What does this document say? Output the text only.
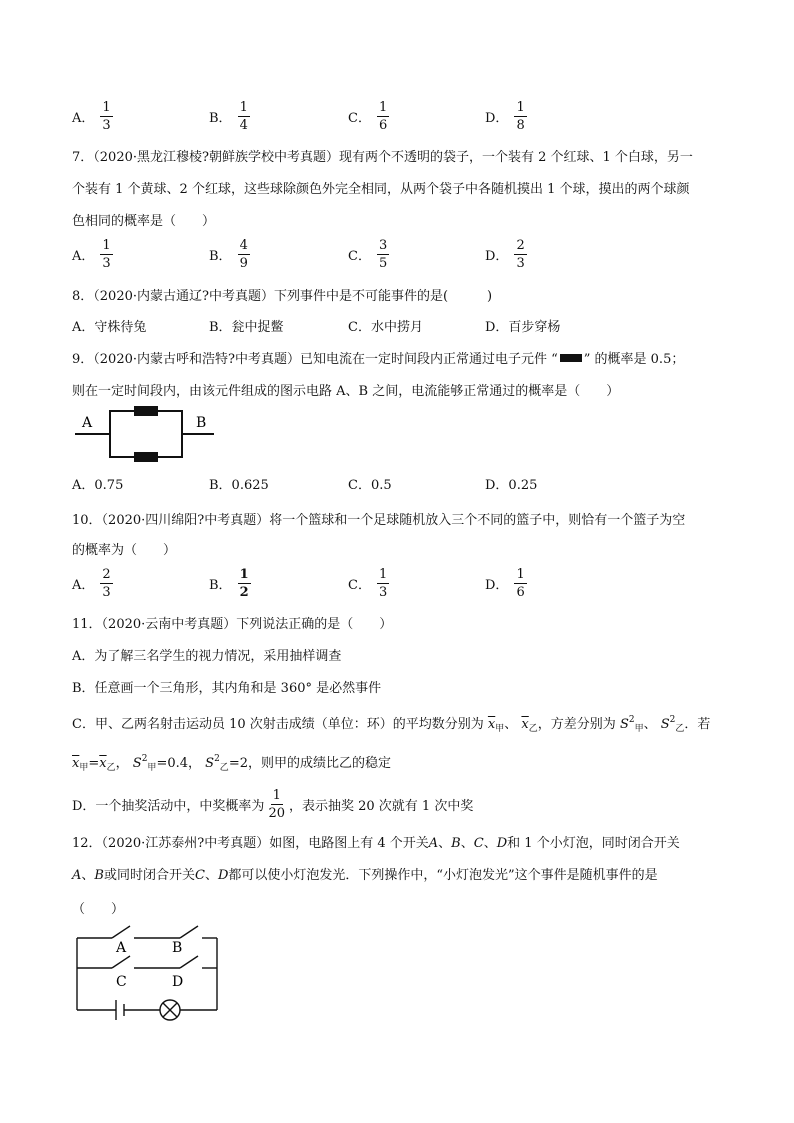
A． $\frac{1}{3}$	B． $\frac{1}{4}$	C． $\frac{1}{6}$	D． $\frac{1}{8}$
7．（2020·黑龙江穆棱?朝鲜族学校中考真题）现有两个不透明的袋子，一个装有 2 个红球、1 个白球，另一
个装有 1 个黄球、2 个红球，这些球除颜色外完全相同，从两个袋子中各随机摸出 1 个球，摸出的两个球颜
色相同的概率是（　　）
A． $\frac{1}{3}$	B． $\frac{4}{9}$	C． $\frac{3}{5}$	D． $\frac{2}{3}$
8．（2020·内蒙古通辽?中考真题）下列事件中是不可能事件的是(　　　)
A．守株待兔	B．瓮中捉鳖	C．水中捞月	D．百步穿杨
9．（2020·内蒙古呼和浩特?中考真题）已知电流在一定时间段内正常通过电子元件 “ ” 的概率是 0.5；
则在一定时间段内，由该元件组成的图示电路 A、B 之间，电流能够正常通过的概率是（　　）
A	B
A．0.75	B．0.625	C．0.5	D．0.25
10．（2020·四川绵阳?中考真题）将一个篮球和一个足球随机放入三个不同的篮子中，则恰有一个篮子为空
的概率为（　　）
A． $\frac{2}{3}$	B． $\frac{1}{2}$	C． $\frac{1}{3}$	D． $\frac{1}{6}$
11．（2020·云南中考真题）下列说法正确的是（　　）
A．为了解三名学生的视力情况，采用抽样调查
B．任意画一个三角形，其内角和是 360° 是必然事件
C．甲、乙两名射击运动员 10 次射击成绩（单位：环）的平均数分别为 $\overline{x}_甲$、 $\overline{x}_乙$，方差分别为 $S^2_甲$、 $S^2_乙$．若
$\overline{x}_甲=\overline{x}_乙$， $S^2_甲=0.4$， $S^2_乙=2$，则甲的成绩比乙的稳定
D．一个抽奖活动中，中奖概率为 $\frac{1}{20}$ ，表示抽奖 20 次就有 1 次中奖
12．（2020·江苏泰州?中考真题）如图，电路图上有 4 个开关A、B、C、D和 1 个小灯泡，同时闭合开关
A、B或同时闭合开关C、D都可以使小灯泡发光．下列操作中，“小灯泡发光”这个事件是随机事件的是
（　　）
A	B
C	D
